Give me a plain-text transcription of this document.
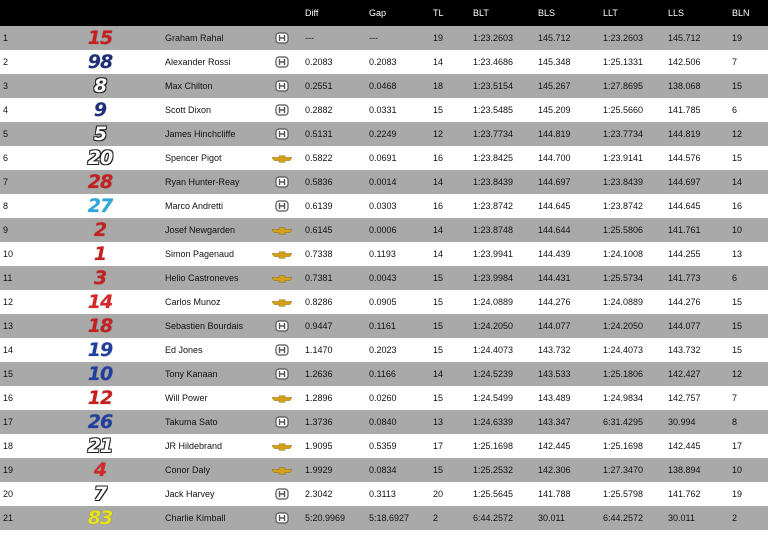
					Diff	Gap	TL	BLT	BLS	LLT	LLS	BLN
1		15	Graham Rahal		---	---	19	1:23.2603	145.712	1:23.2603	145.712	19
2		98	Alexander Rossi		0.2083	0.2083	14	1:23.4686	145.348	1:25.1331	142.506	7
3		8	Max Chilton		0.2551	0.0468	18	1:23.5154	145.267	1:27.8695	138.068	15
4		9	Scott Dixon		0.2882	0.0331	15	1:23.5485	145.209	1:25.5660	141.785	6
5		5	James Hinchcliffe		0.5131	0.2249	12	1:23.7734	144.819	1:23.7734	144.819	12
6		20	Spencer Pigot		0.5822	0.0691	16	1:23.8425	144.700	1:23.9141	144.576	15
7		28	Ryan Hunter-Reay		0.5836	0.0014	14	1:23.8439	144.697	1:23.8439	144.697	14
8		27	Marco Andretti		0.6139	0.0303	16	1:23.8742	144.645	1:23.8742	144.645	16
9		2	Josef Newgarden		0.6145	0.0006	14	1:23.8748	144.644	1:25.5806	141.761	10
10		1	Simon Pagenaud		0.7338	0.1193	14	1:23.9941	144.439	1:24.1008	144.255	13
11		3	Helio Castroneves		0.7381	0.0043	15	1:23.9984	144.431	1:25.5734	141.773	6
12		14	Carlos Munoz		0.8286	0.0905	15	1:24.0889	144.276	1:24.0889	144.276	15
13		18	Sebastien Bourdais		0.9447	0.1161	15	1:24.2050	144.077	1:24.2050	144.077	15
14		19	Ed Jones		1.1470	0.2023	15	1:24.4073	143.732	1:24.4073	143.732	15
15		10	Tony Kanaan		1.2636	0.1166	14	1:24.5239	143.533	1:25.1806	142.427	12
16		12	Will Power		1.2896	0.0260	15	1:24.5499	143.489	1:24.9834	142.757	7
17		26	Takuma Sato		1.3736	0.0840	13	1:24.6339	143.347	6:31.4295	30.994	8
18		21	JR Hildebrand		1.9095	0.5359	17	1:25.1698	142.445	1:25.1698	142.445	17
19		4	Conor Daly		1.9929	0.0834	15	1:25.2532	142.306	1:27.3470	138.894	10
20		7	Jack Harvey		2.3042	0.3113	20	1:25.5645	141.788	1:25.5798	141.762	19
21		83	Charlie Kimball		5:20.9969	5:18.6927	2	6:44.2572	30.011	6:44.2572	30.011	2
